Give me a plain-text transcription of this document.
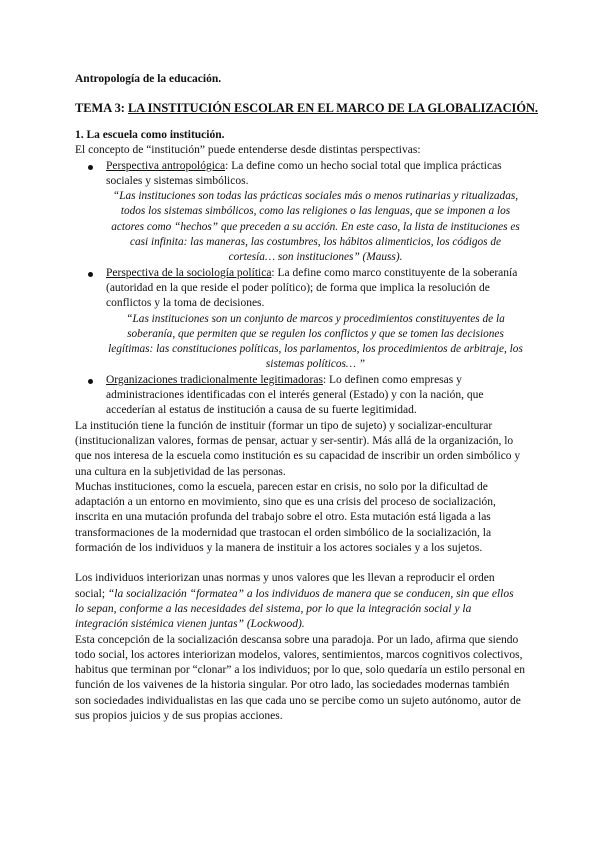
Antropología de la educación.
TEMA 3: LA INSTITUCIÓN ESCOLAR EN EL MARCO DE LA GLOBALIZACIÓN.

1. La escuela como institución.

El concepto de “institución” puede entenderse desde distintas perspectivas:

Perspectiva antropológica: La define como un hecho social total que implica prácticas sociales y sistemas simbólicos.

“Las instituciones son todas las prácticas sociales más o menos rutinarias y ritualizadas, todos los sistemas simbólicos, como las religiones o las lenguas, que se imponen a los actores como “hechos” que preceden a su acción. En este caso, la lista de instituciones es casi infinita: las maneras, las costumbres, los hábitos alimenticios, los códigos de cortesía… son instituciones” (Mauss).

Perspectiva de la sociología política: La define como marco constituyente de la soberanía (autoridad en la que reside el poder político); de forma que implica la resolución de conflictos y la toma de decisiones.

“Las instituciones son un conjunto de marcos y procedimientos constituyentes de la soberanía, que permiten que se regulen los conflictos y que se tomen las decisiones legítimas: las constituciones políticas, los parlamentos, los procedimientos de arbitraje, los sistemas políticos… ”

Organizaciones tradicionalmente legitimadoras: Lo definen como empresas y administraciones identificadas con el interés general (Estado) y con la nación, que accederían al estatus de institución a causa de su fuerte legitimidad.

La institución tiene la función de instituir (formar un tipo de sujeto) y socializar-enculturar (institucionalizan valores, formas de pensar, actuar y ser-sentir). Más allá de la organización, lo que nos interesa de la escuela como institución es su capacidad de inscribir un orden simbólico y una cultura en la subjetividad de las personas.

Muchas instituciones, como la escuela, parecen estar en crisis, no solo por la dificultad de adaptación a un entorno en movimiento, sino que es una crisis del proceso de socialización, inscrita en una mutación profunda del trabajo sobre el otro. Esta mutación está ligada a las transformaciones de la modernidad que trastocan el orden simbólico de la socialización, la formación de los individuos y la manera de instituir a los actores sociales y a los sujetos.

Los individuos interiorizan unas normas y unos valores que les llevan a reproducir el orden social; “la socialización “formatea” a los individuos de manera que se conducen, sin que ellos lo sepan, conforme a las necesidades del sistema, por lo que la integración social y la integración sistémica vienen juntas” (Lockwood).

Esta concepción de la socialización descansa sobre una paradoja. Por un lado, afirma que siendo todo social, los actores interiorizan modelos, valores, sentimientos, marcos cognitivos colectivos, habitus que terminan por “clonar” a los individuos; por lo que, solo quedaría un estilo personal en función de los vaivenes de la historia singular. Por otro lado, las sociedades modernas también son sociedades individualistas en las que cada uno se percibe como un sujeto autónomo, autor de sus propios juicios y de sus propias acciones.
